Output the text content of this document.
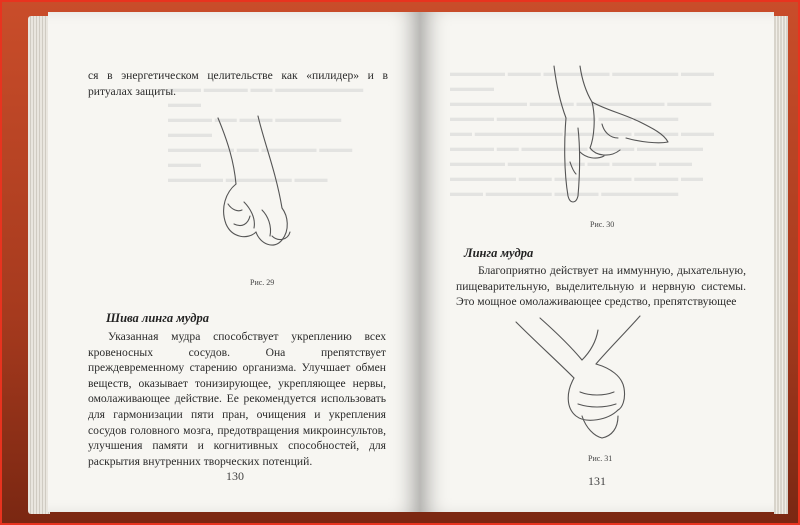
▬▬▬ ▬▬▬▬ ▬▬ ▬▬▬▬▬▬▬▬ ▬▬▬
▬▬▬▬ ▬▬ ▬▬▬ ▬▬▬▬▬▬ ▬▬▬▬
▬▬▬▬▬▬ ▬▬ ▬▬▬▬▬ ▬▬▬ ▬▬▬
▬▬▬▬▬ ▬▬▬▬▬▬ ▬▬▬
ся в энергетическом целительстве как «пилидер» и в ритуалах защиты.
Рис. 29
Шива линга мудра
Указанная мудра способствует укреплению всех кровеносных сосудов. Она препятствует преждевременному старению организма. Улучшает обмен веществ, оказывает тонизирующее, укрепляющее нервы, омолаживающее действие. Ее рекомендуется использовать для гармонизации пяти пран, очищения и укрепления сосудов головного мозга, предотвращения микроинсультов, улучшения памяти и когнитивных способностей, для раскрытия внутренних творческих потенций.
130
▬▬▬▬▬ ▬▬▬ ▬▬▬▬▬▬ ▬▬▬▬▬▬ ▬▬▬ ▬▬▬▬
▬▬▬▬▬▬▬ ▬▬▬▬ ▬▬▬▬▬▬▬▬ ▬▬▬▬
▬▬▬▬ ▬▬▬▬▬▬▬▬▬ ▬▬▬ ▬▬▬▬
▬▬ ▬▬▬▬▬▬▬▬ ▬▬▬▬▬▬ ▬▬▬▬ ▬▬▬
▬▬▬▬ ▬▬ ▬▬▬▬▬▬ ▬▬▬▬ ▬▬▬▬▬▬
▬▬▬▬▬ ▬▬▬▬▬▬▬ ▬▬ ▬▬▬▬ ▬▬▬
▬▬▬▬▬▬ ▬▬▬ ▬▬▬▬▬▬▬ ▬▬▬▬ ▬▬
▬▬▬ ▬▬▬▬▬▬ ▬▬▬▬ ▬▬▬▬▬▬▬
Рис. 30
Линга мудра
Благоприятно действует на иммунную, дыхательную, пищеварительную, выделительную и нервную системы. Это мощное омолаживающее средство, препятствующее
Рис. 31
131
